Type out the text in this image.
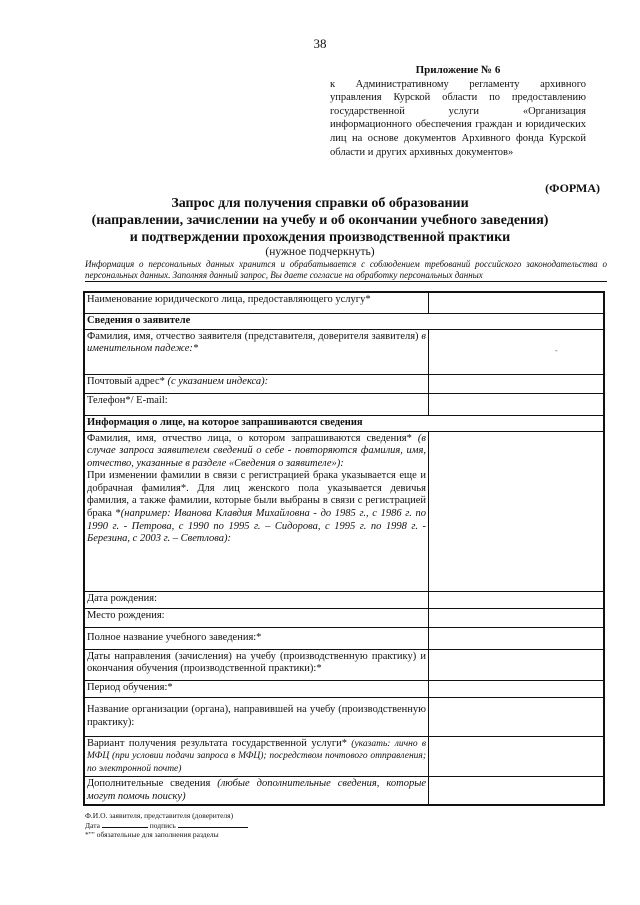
38
Приложение № 6
к Административному регламенту архивного управления Курской области по предоставлению государственной услуги «Организация информационного обеспечения граждан и юридических лиц на основе документов Архивного фонда Курской области и других архивных документов»
(ФОРМА)
Запрос для получения справки об образовании
(направлении, зачислении на учебу и об окончании учебного заведения)
и подтверждении прохождения производственной практики
(нужное подчеркнуть)
Информация о персональных данных хранится и обрабатывается с соблюдением требований российского законодательства о персональных данных. Заполняя данный запрос, Вы даете согласие на обработку персональных данных
Наименование юридического лица, предоставляющего услугу*	
Сведения о заявителе	
Фамилия, имя, отчество заявителя (представителя, доверителя заявителя) в именительном падеже:*	
Почтовый адрес* (с указанием индекса):	
Телефон*/ E-mail:	
Информация о лице, на которое запрашиваются сведения	

Фамилия, имя, отчество лица, о котором запрашиваются сведения* (в случае запроса заявителем сведений о себе - повторяются фамилия, имя, отчество, указанные в разделе «Сведения о заявителе»):
При изменении фамилии в связи с регистрацией брака указывается еще и добрачная фамилия*. Для лиц женского пола указывается девичья фамилия, а также фамилии, которые были выбраны в связи с регистрацией брака *(например: Иванова Клавдия Михайловна - до 1985 г., с 1986 г. по 1990 г. - Петрова, с 1990 по 1995 г. – Сидорова, с 1995 г. по 1998 г. - Березина, с 2003 г. – Светлова):	

Дата рождения:	
Место рождения:	
Полное название учебного заведения:*	
Даты направления (зачисления) на учебу (производственную практику) и окончания обучения (производственной практики):*	
Период обучения:*	
Название организации (органа), направившей на учебу (производственную практику):	
Вариант получения результата государственной услуги* (указать: лично в МФЦ (при условии подачи запроса в МФЦ); посредством почтового отправления; по электронной почте)	
Дополнительные сведения (любые дополнительные сведения, которые могут помочь поиску)	
-
Ф.И.О. заявителя, представителя (доверителя)
Дата	подпись
*"" обязательные для заполнения разделы
